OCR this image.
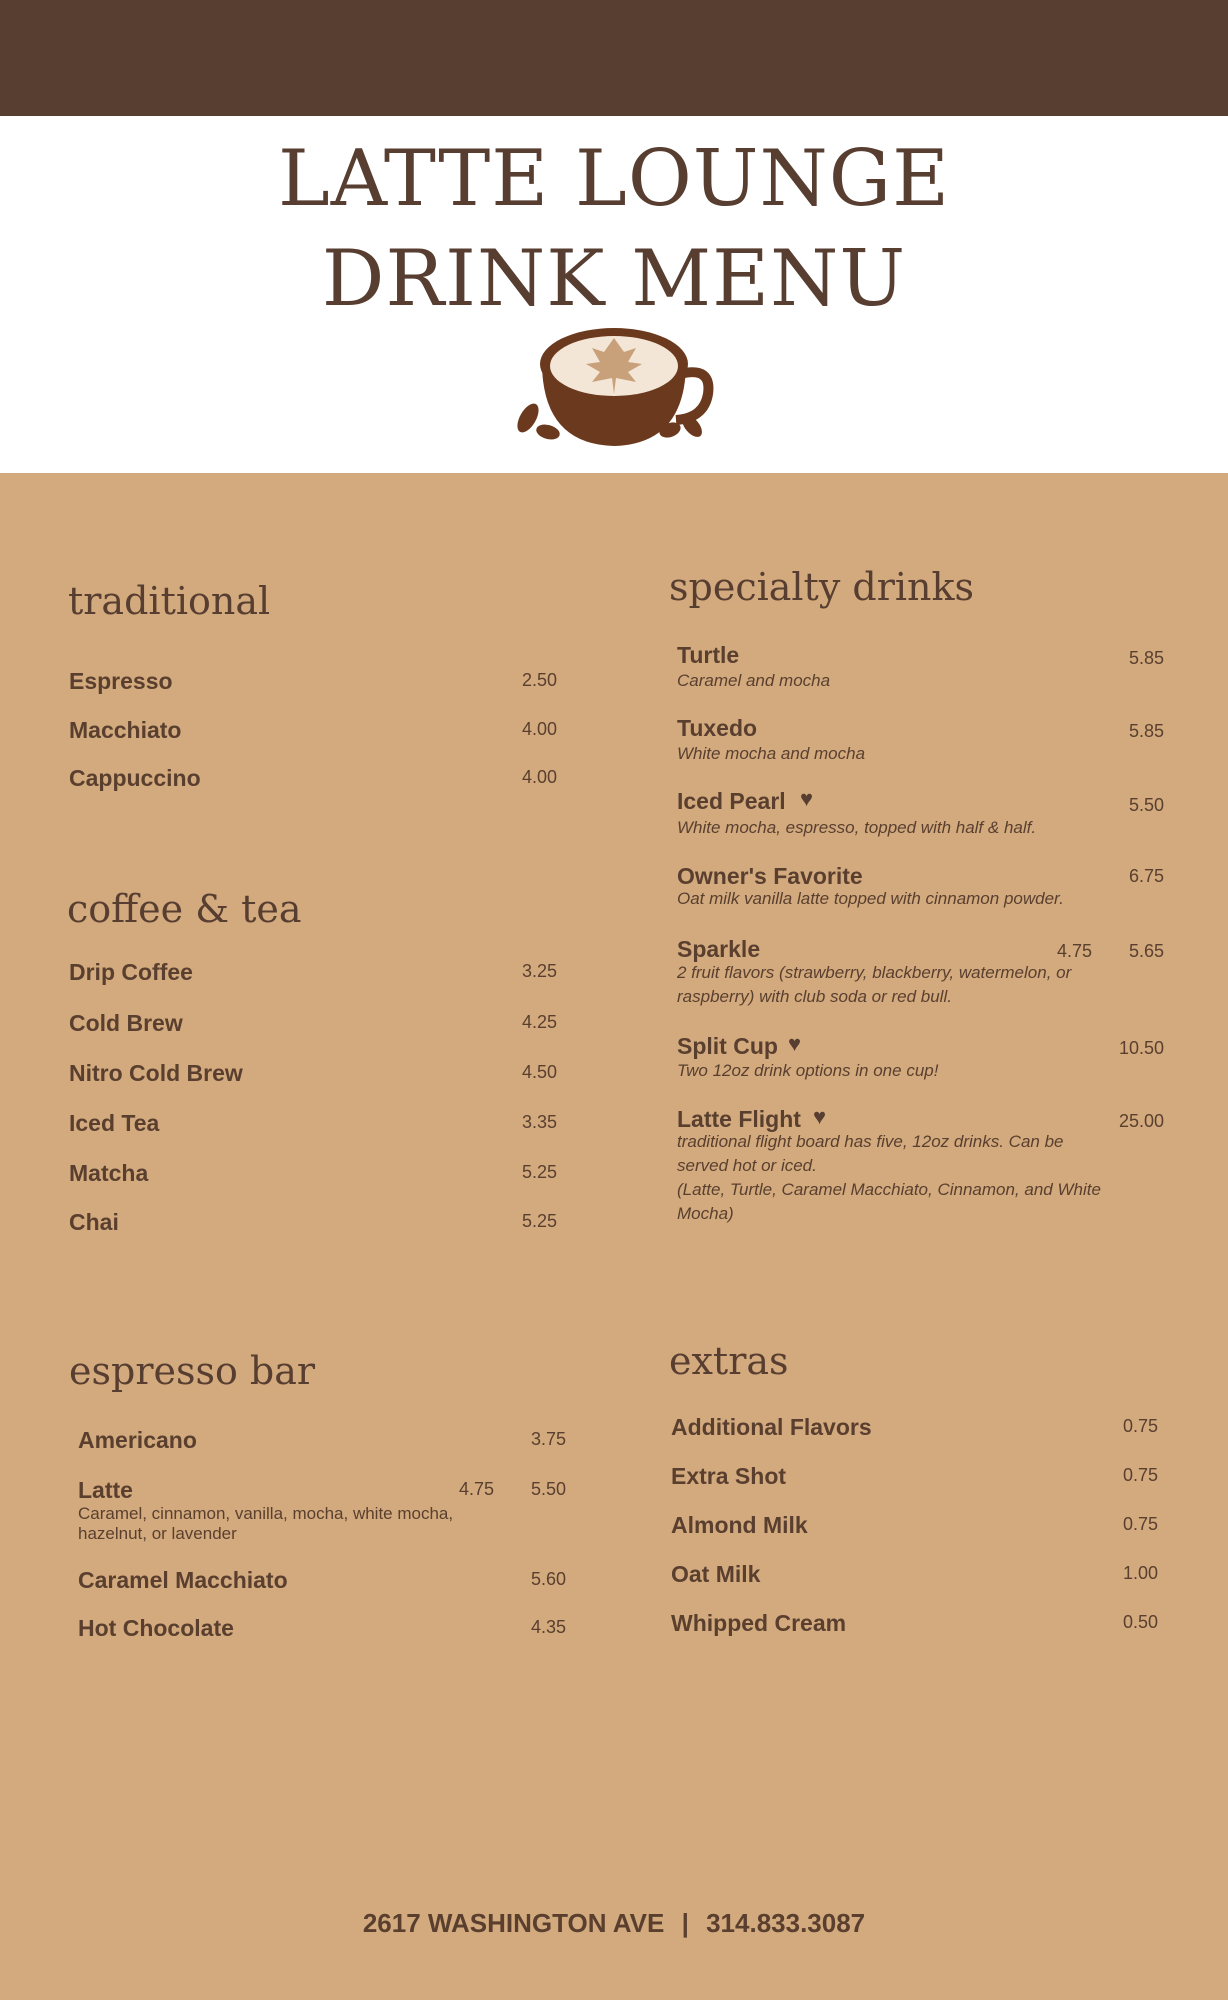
LATTE LOUNGE
DRINK MENU
traditional
Espresso	2.50
Macchiato	4.00
Cappuccino	4.00
coffee & tea
Drip Coffee	3.25
Cold Brew	4.25
Nitro Cold Brew	4.50
Iced Tea	3.35
Matcha	5.25
Chai	5.25
espresso bar
Americano	3.75
Latte	4.75 5.50
Caramel, cinnamon, vanilla, mocha, white mocha,
hazelnut, or lavender
Caramel Macchiato	5.60
Hot Chocolate	4.35
specialty drinks
Turtle	5.85
Caramel and mocha
Tuxedo	5.85
White mocha and mocha
Iced Pearl ♥	5.50
White mocha, espresso, topped with half & half.
Owner's Favorite	6.75
Oat milk vanilla latte topped with cinnamon powder.
Sparkle	4.75 5.65
2 fruit flavors (strawberry, blackberry, watermelon, or
raspberry) with club soda or red bull.
Split Cup ♥	10.50
Two 12oz drink options in one cup!
Latte Flight ♥	25.00
traditional flight board has five, 12oz drinks. Can be
served hot or iced.
(Latte, Turtle, Caramel Macchiato, Cinnamon, and White
Mocha)
extras
Additional Flavors	0.75
Extra Shot	0.75
Almond Milk	0.75
Oat Milk	1.00
Whipped Cream	0.50
2617 WASHINGTON AVE | 314.833.3087
